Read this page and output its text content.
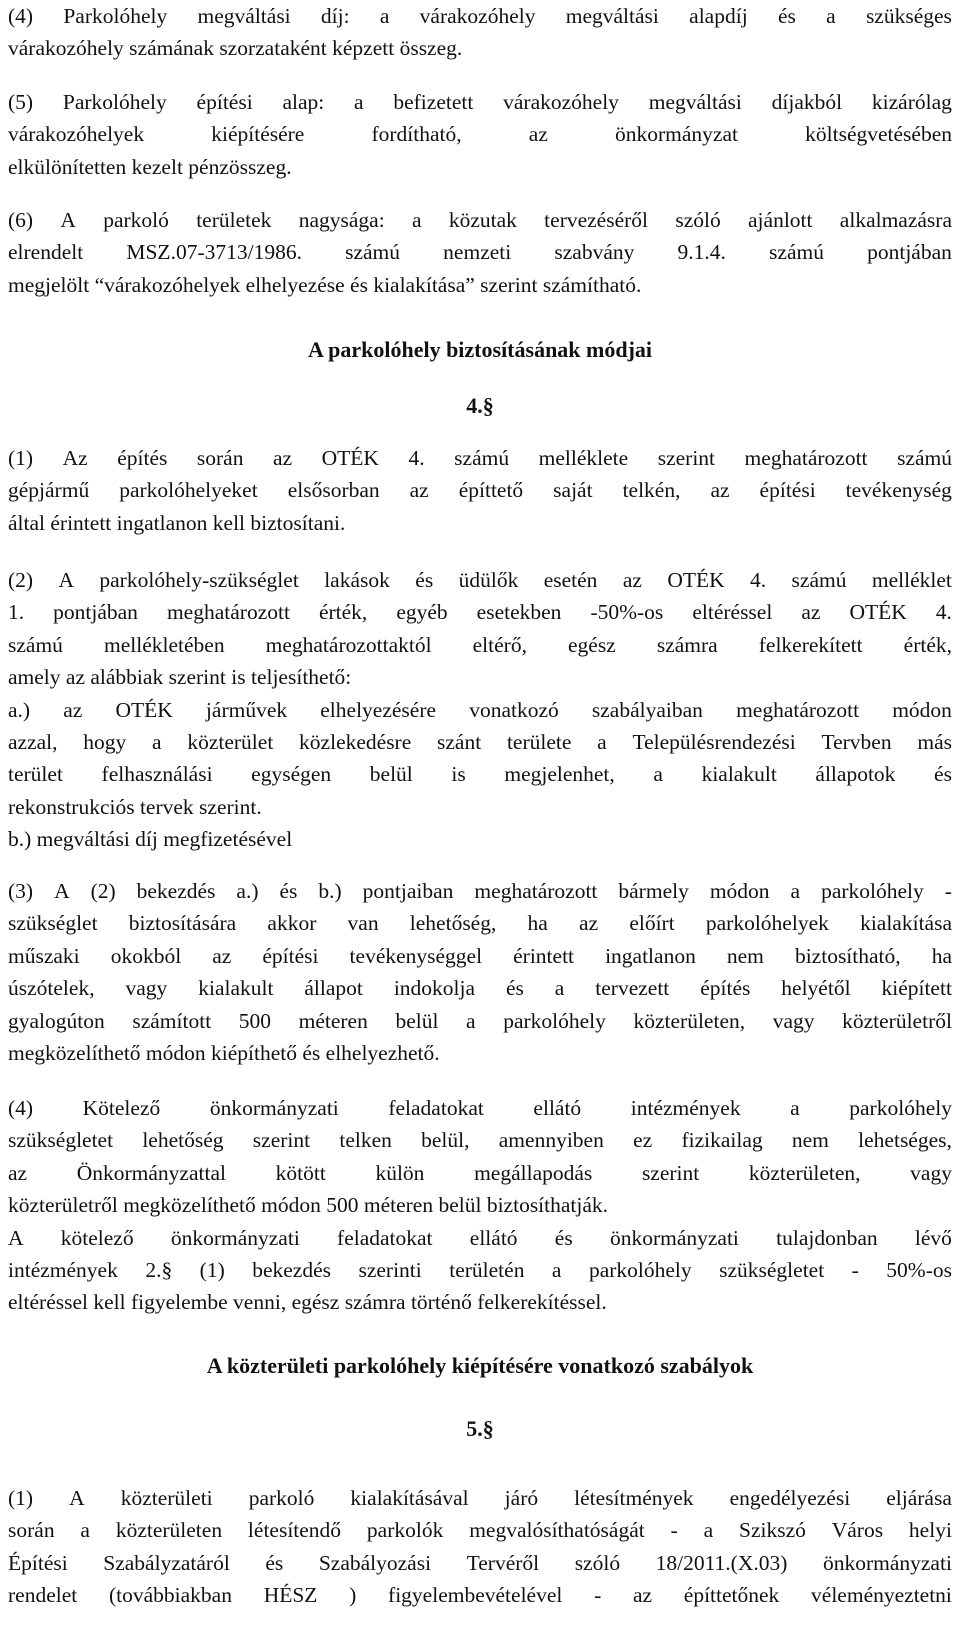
(4) Parkolóhely megváltási díj: a várakozóhely megváltási alapdíj és a szükséges
várakozóhely számának szorzataként képzett összeg.

(5) Parkolóhely építési alap: a befizetett várakozóhely megváltási díjakból kizárólag
várakozóhelyek	kiépítésére	fordítható,	az	önkormányzat	költségvetésében
elkülönítetten kezelt pénzösszeg.

(6) A parkoló területek nagysága: a közutak tervezéséről szóló ajánlott alkalmazásra
elrendelt MSZ.07-3713/1986. számú nemzeti szabvány 9.1.4. számú pontjában
megjelölt “várakozóhelyek elhelyezése és kialakítása” szerint számítható.

A parkolóhely biztosításának módjai
4.§

(1) Az építés során az OTÉK 4. számú melléklete szerint meghatározott számú
gépjármű parkolóhelyeket elsősorban az építtető saját telkén, az építési tevékenység
által érintett ingatlanon kell biztosítani.

(2) A parkolóhely-szükséglet lakások és üdülők esetén az OTÉK 4. számú melléklet
1. pontjában meghatározott érték, egyéb esetekben -50%-os eltéréssel az OTÉK 4.
számú mellékletében meghatározottaktól eltérő, egész számra felkerekített érték,
amely az alábbiak szerint is teljesíthető:
a.) az OTÉK járművek elhelyezésére vonatkozó szabályaiban meghatározott módon
azzal, hogy a közterület közlekedésre szánt területe a Településrendezési Tervben más
terület felhasználási egységen belül is megjelenhet, a kialakult állapotok és
rekonstrukciós tervek szerint.
b.) megváltási díj megfizetésével

(3) A (2) bekezdés a.) és b.) pontjaiban meghatározott bármely módon a parkolóhely -
szükséglet biztosítására akkor van lehetőség, ha az előírt parkolóhelyek kialakítása
műszaki okokból az építési tevékenységgel érintett ingatlanon nem biztosítható, ha
úszótelek, vagy kialakult állapot indokolja és a tervezett építés helyétől kiépített
gyalogúton számított 500 méteren belül a parkolóhely közterületen, vagy közterületről
megközelíthető módon kiépíthető és elhelyezhető.

(4) Kötelező önkormányzati feladatokat ellátó intézmények a parkolóhely
szükségletet lehetőség szerint telken belül, amennyiben ez fizikailag nem lehetséges,
az Önkormányzattal kötött külön megállapodás szerint közterületen, vagy
közterületről megközelíthető módon 500 méteren belül biztosíthatják.
A kötelező önkormányzati feladatokat ellátó és önkormányzati tulajdonban lévő
intézmények 2.§ (1) bekezdés szerinti területén a parkolóhely szükségletet - 50%-os
eltéréssel kell figyelembe venni, egész számra történő felkerekítéssel.

A közterületi parkolóhely kiépítésére vonatkozó szabályok
5.§

(1) A közterületi parkoló kialakításával járó létesítmények engedélyezési eljárása
során a közterületen létesítendő parkolók megvalósíthatóságát - a Szikszó Város helyi
Építési Szabályzatáról és Szabályozási Tervéről szóló 18/2011.(X.03) önkormányzati
rendelet (továbbiakban HÉSZ ) figyelembevételével - az építtetőnek véleményeztetni
